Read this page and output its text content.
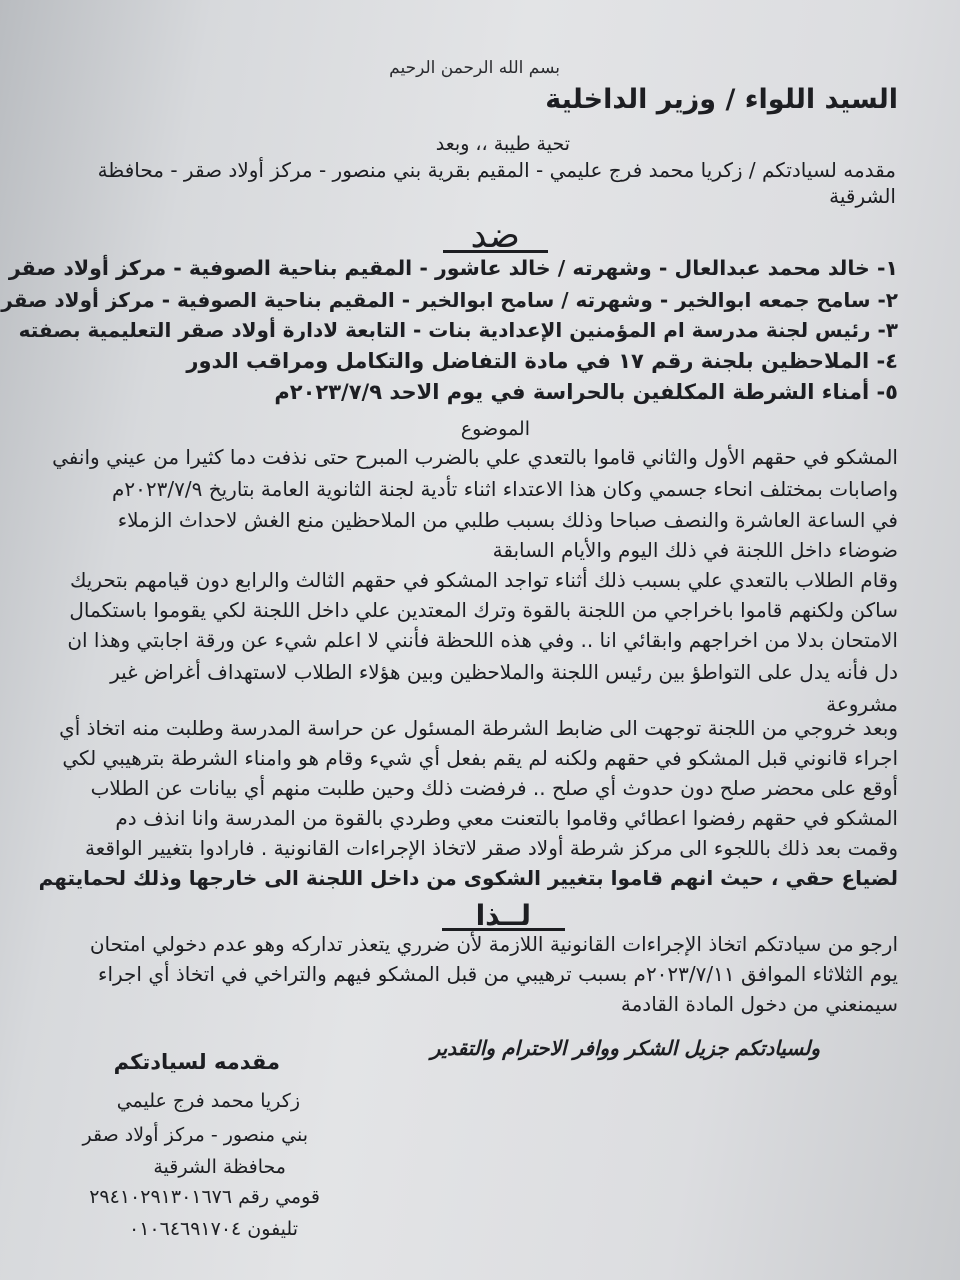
بسم الله الرحمن الرحيم
السيد اللواء / وزير الداخلية
تحية طيبة ،، وبعد
مقدمه لسيادتكم / زكريا محمد فرج عليمي - المقيم بقرية بني منصور - مركز أولاد صقر - محافظة
الشرقية
ضد
١- خالد محمد عبدالعال - وشهرته / خالد عاشور - المقيم بناحية الصوفية - مركز أولاد صقر
٢- سامح جمعه ابوالخير - وشهرته / سامح ابوالخير - المقيم بناحية الصوفية - مركز أولاد صقر
٣- رئيس لجنة مدرسة ام المؤمنين الإعدادية بنات - التابعة لادارة أولاد صقر التعليمية بصفته
٤- الملاحظين بلجنة رقم ١٧ في مادة التفاضل والتكامل ومراقب الدور
٥- أمناء الشرطة المكلفين بالحراسة في يوم الاحد ٢٠٢٣/٧/٩م
الموضوع
المشكو في حقهم الأول والثاني قاموا بالتعدي علي بالضرب المبرح حتى نذفت دما كثيرا من عيني وانفي
واصابات بمختلف انحاء جسمي وكان هذا الاعتداء اثناء تأدية لجنة الثانوية العامة بتاريخ ٢٠٢٣/٧/٩م
في الساعة العاشرة والنصف صباحا وذلك بسبب طلبي من الملاحظين منع الغش لاحداث الزملاء
ضوضاء داخل اللجنة في ذلك اليوم والأيام السابقة
وقام الطلاب بالتعدي علي بسبب ذلك أثناء تواجد المشكو في حقهم الثالث والرابع دون قيامهم بتحريك
ساكن ولكنهم قاموا باخراجي من اللجنة بالقوة وترك المعتدين علي داخل اللجنة لكي يقوموا باستكمال
الامتحان بدلا من اخراجهم وابقائي انا .. وفي هذه اللحظة فأنني لا اعلم شيء عن ورقة اجابتي وهذا ان
دل فأنه يدل على التواطؤ بين رئيس اللجنة والملاحظين وبين هؤلاء الطلاب لاستهداف أغراض غير
مشروعة
وبعد خروجي من اللجنة توجهت الى ضابط الشرطة المسئول عن حراسة المدرسة وطلبت منه اتخاذ أي
اجراء قانوني قبل المشكو في حقهم ولكنه لم يقم بفعل أي شيء وقام هو وامناء الشرطة بترهيبي لكي
أوقع على محضر صلح دون حدوث أي صلح .. فرفضت ذلك وحين طلبت منهم أي بيانات عن الطلاب
المشكو في حقهم رفضوا اعطائي وقاموا بالتعنت معي وطردي بالقوة من المدرسة وانا انذف دم
وقمت بعد ذلك باللجوء الى مركز شرطة أولاد صقر لاتخاذ الإجراءات القانونية . فارادوا بتغيير الواقعة
لضياع حقي ، حيث انهم قاموا بتغيير الشكوى من داخل اللجنة الى خارجها وذلك لحمايتهم
لــذا
ارجو من سيادتكم اتخاذ الإجراءات القانونية اللازمة لأن ضرري يتعذر تداركه وهو عدم دخولي امتحان
يوم الثلاثاء الموافق ٢٠٢٣/٧/١١م بسبب ترهيبي من قبل المشكو فيهم والتراخي في اتخاذ أي اجراء
سيمنعني من دخول المادة القادمة
ولسيادتكم جزيل الشكر ووافر الاحترام والتقدير
مقدمه لسيادتكم
زكريا محمد فرج عليمي
بني منصور - مركز أولاد صقر
محافظة الشرقية
قومي رقم ٢٩٤١٠٢٩١٣٠١٦٧٦
تليفون ٠١٠٦٤٦٩١٧٠٤
